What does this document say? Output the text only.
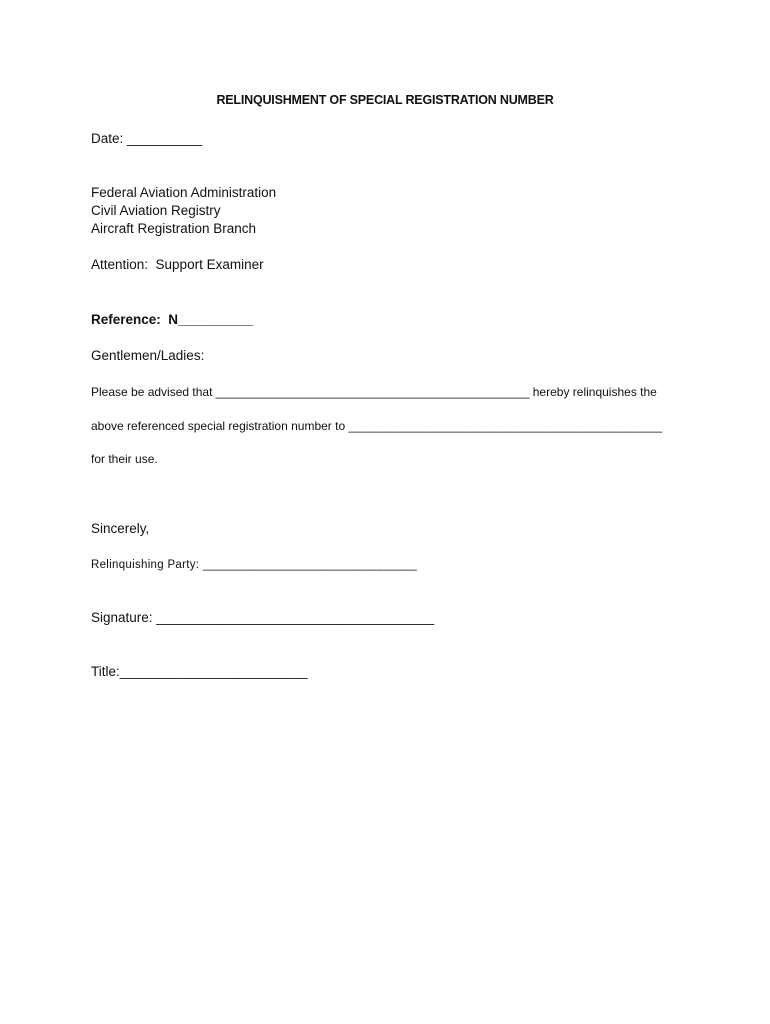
RELINQUISHMENT OF SPECIAL REGISTRATION NUMBER
Date: __________
Federal Aviation Administration
Civil Aviation Registry
Aircraft Registration Branch
Attention:  Support Examiner
Reference:  N__________
Gentlemen/Ladies:
Please be advised that _______________________________________________ hereby relinquishes the
above referenced special registration number to _______________________________________________
for their use.
Sincerely,
Relinquishing Party: ________________________________
Signature: _____________________________________
Title:_________________________
